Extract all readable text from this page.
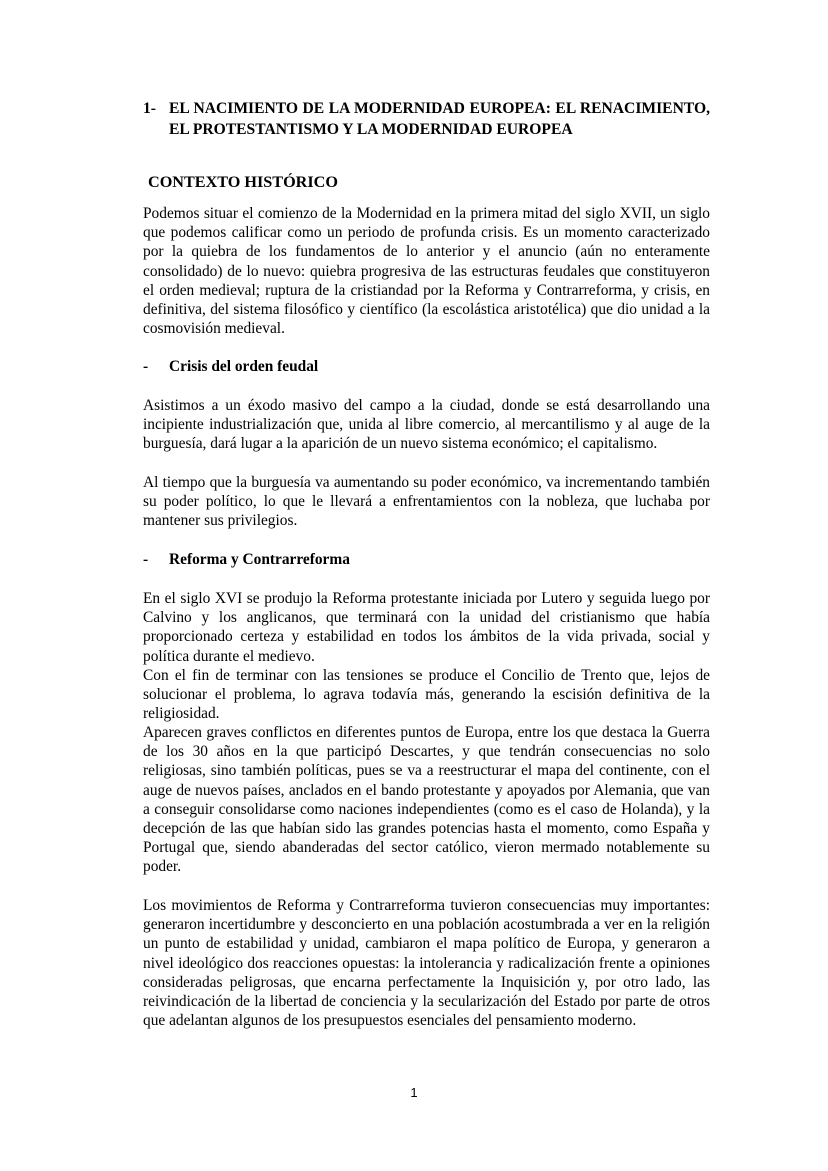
1- EL NACIMIENTO DE LA MODERNIDAD EUROPEA: EL RENACIMIENTO, EL PROTESTANTISMO Y LA MODERNIDAD EUROPEA

CONTEXTO HISTÓRICO

Podemos situar el comienzo de la Modernidad en la primera mitad del siglo XVII, un siglo que podemos calificar como un periodo de profunda crisis. Es un momento caracterizado por la quiebra de los fundamentos de lo anterior y el anuncio (aún no enteramente consolidado) de lo nuevo: quiebra progresiva de las estructuras feudales que constituyeron el orden medieval; ruptura de la cristiandad por la Reforma y Contrarreforma, y crisis, en definitiva, del sistema filosófico y científico (la escolástica aristotélica) que dio unidad a la cosmovisión medieval.

- Crisis del orden feudal

Asistimos a un éxodo masivo del campo a la ciudad, donde se está desarrollando una incipiente industrialización que, unida al libre comercio, al mercantilismo y al auge de la burguesía, dará lugar a la aparición de un nuevo sistema económico; el capitalismo.

Al tiempo que la burguesía va aumentando su poder económico, va incrementando también su poder político, lo que le llevará a enfrentamientos con la nobleza, que luchaba por mantener sus privilegios.

- Reforma y Contrarreforma

En el siglo XVI se produjo la Reforma protestante iniciada por Lutero y seguida luego por Calvino y los anglicanos, que terminará con la unidad del cristianismo que había proporcionado certeza y estabilidad en todos los ámbitos de la vida privada, social y política durante el medievo.

Con el fin de terminar con las tensiones se produce el Concilio de Trento que, lejos de solucionar el problema, lo agrava todavía más, generando la escisión definitiva de la religiosidad.

Aparecen graves conflictos en diferentes puntos de Europa, entre los que destaca la Guerra de los 30 años en la que participó Descartes, y que tendrán consecuencias no solo religiosas, sino también políticas, pues se va a reestructurar el mapa del continente, con el auge de nuevos países, anclados en el bando protestante y apoyados por Alemania, que van a conseguir consolidarse como naciones independientes (como es el caso de Holanda), y la decepción de las que habían sido las grandes potencias hasta el momento, como España y Portugal que, siendo abanderadas del sector católico, vieron mermado notablemente su poder.

Los movimientos de Reforma y Contrarreforma tuvieron consecuencias muy importantes: generaron incertidumbre y desconcierto en una población acostumbrada a ver en la religión un punto de estabilidad y unidad, cambiaron el mapa político de Europa, y generaron a nivel ideológico dos reacciones opuestas: la intolerancia y radicalización frente a opiniones consideradas peligrosas, que encarna perfectamente la Inquisición y, por otro lado, las reivindicación de la libertad de conciencia y la secularización del Estado por parte de otros que adelantan algunos de los presupuestos esenciales del pensamiento moderno.

1
